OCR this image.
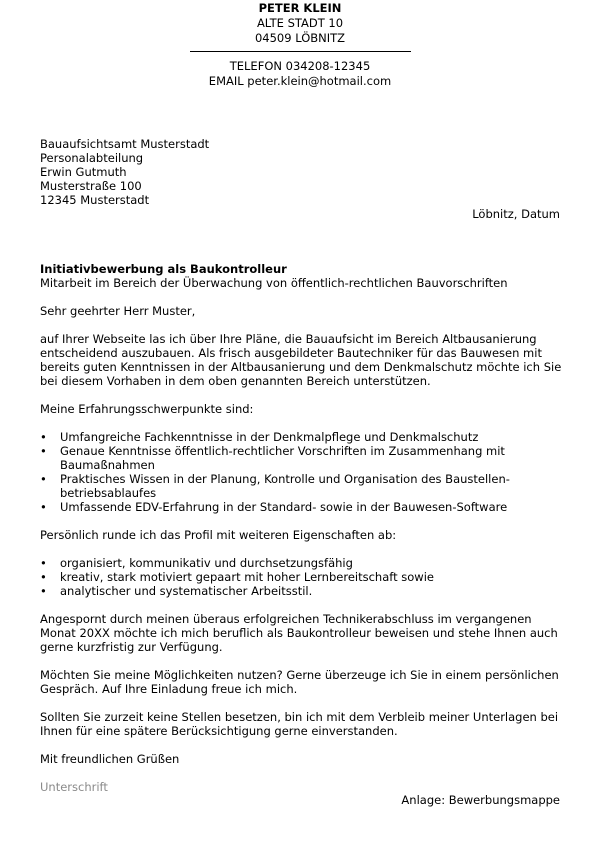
PETER KLEIN
ALTE STADT 10
04509 LÖBNITZ
TELEFON 034208-12345
EMAIL peter.klein@hotmail.com
Bauaufsichtsamt Musterstadt
Personalabteilung
Erwin Gutmuth
Musterstraße 100
12345 Musterstadt
Löbnitz, Datum
Initiativbewerbung als Baukontrolleur
Mitarbeit im Bereich der Überwachung von öffentlich-rechtlichen Bauvorschriften

Sehr geehrter Herr Muster,

auf Ihrer Webseite las ich über Ihre Pläne, die Bauaufsicht im Bereich Altbausanierung entscheidend auszubauen. Als frisch ausgebildeter Bautechniker für das Bauwesen mit bereits guten Kenntnissen in der Altbausanierung und dem Denkmalschutz möchte ich Sie bei diesem Vorhaben in dem oben genannten Bereich unterstützen.

Meine Erfahrungsschwerpunkte sind:

• Umfangreiche Fachkenntnisse in der Denkmalpflege und Denkmalschutz
• Genaue Kenntnisse öffentlich-rechtlicher Vorschriften im Zusammenhang mit Baumaßnahmen
• Praktisches Wissen in der Planung, Kontrolle und Organisation des Baustellen-betriebsablaufes
• Umfassende EDV-Erfahrung in der Standard- sowie in der Bauwesen-Software

Persönlich runde ich das Profil mit weiteren Eigenschaften ab:

• organisiert, kommunikativ und durchsetzungsfähig
• kreativ, stark motiviert gepaart mit hoher Lernbereitschaft sowie
• analytischer und systematischer Arbeitsstil.

Angespornt durch meinen überaus erfolgreichen Technikerabschluss im vergangenen Monat 20XX möchte ich mich beruflich als Baukontrolleur beweisen und stehe Ihnen auch gerne kurzfristig zur Verfügung.

Möchten Sie meine Möglichkeiten nutzen? Gerne überzeuge ich Sie in einem persönlichen Gespräch. Auf Ihre Einladung freue ich mich.

Sollten Sie zurzeit keine Stellen besetzen, bin ich mit dem Verbleib meiner Unterlagen bei Ihnen für eine spätere Berücksichtigung gerne einverstanden.

Mit freundlichen Grüßen

Unterschrift

Anlage: Bewerbungsmappe
